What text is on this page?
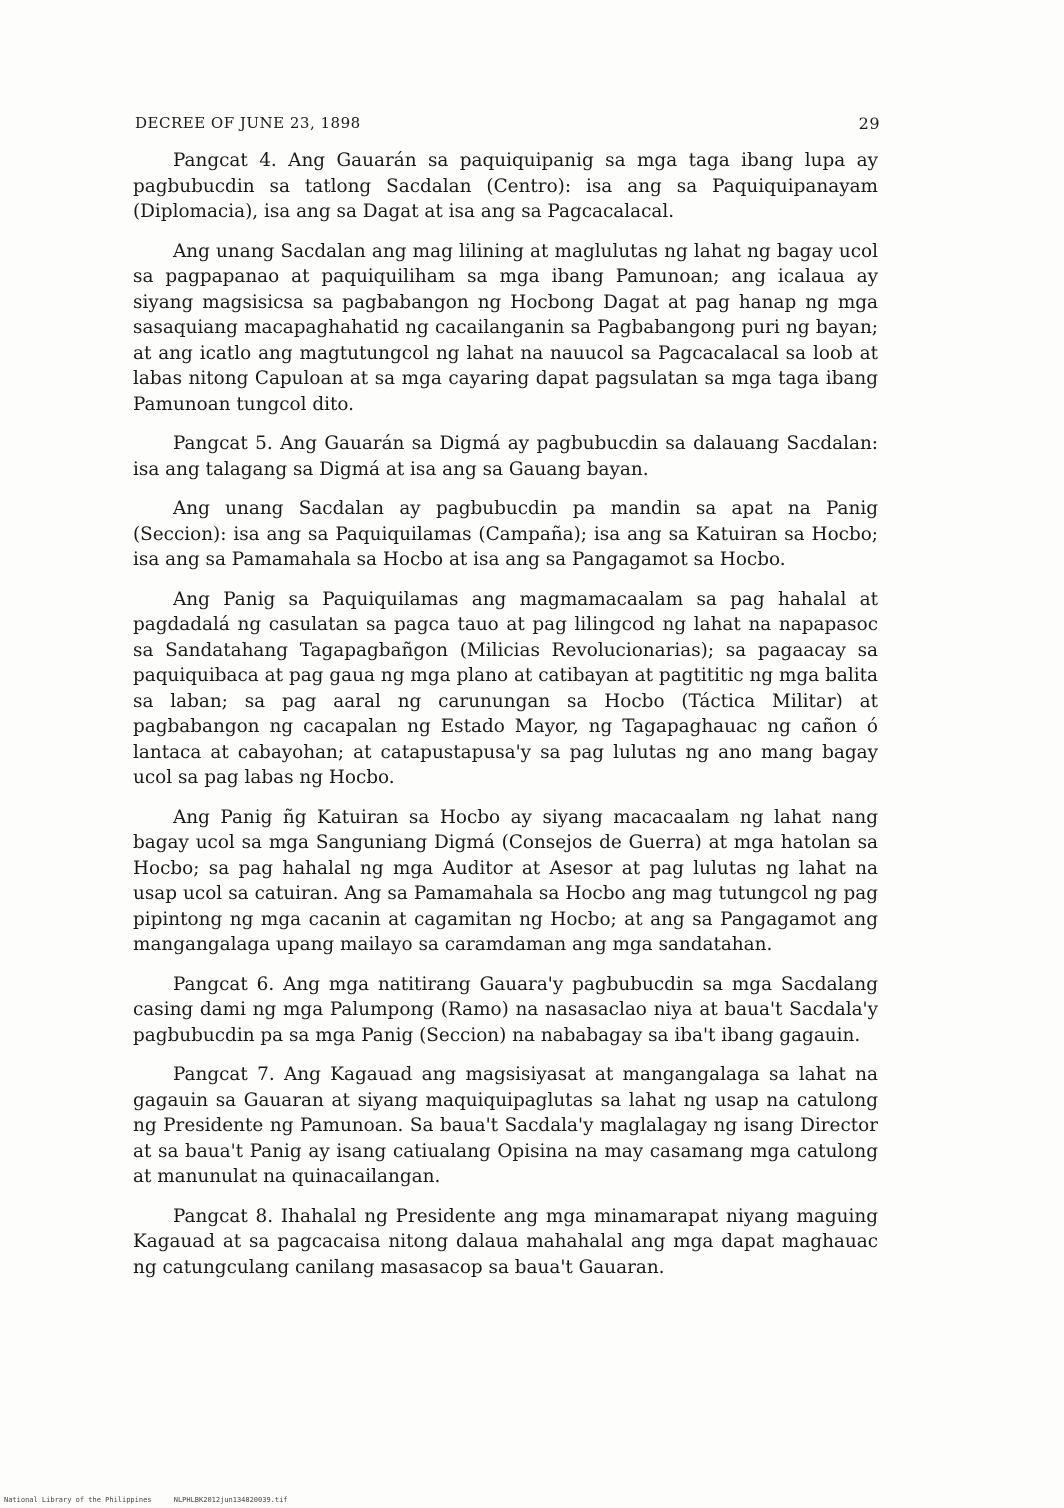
DECREE OF JUNE 23, 1898	29

Pangcat 4. Ang Gauarán sa paquiquipanig sa mga taga ibang lupa ay pagbubucdin sa tatlong Sacdalan (Centro): isa ang sa Paquiquipanayam (Diplomacia), isa ang sa Dagat at isa ang sa Pagcacalacal.

Ang unang Sacdalan ang mag lilining at maglulutas ng lahat ng bagay ucol sa pagpapanao at paquiquiliham sa mga ibang Pamunoan; ang icalaua ay siyang magsisicsa sa pagbabangon ng Hocbong Dagat at pag hanap ng mga sasaquiang macapaghahatid ng cacailanganin sa Pagbabangong puri ng bayan; at ang icatlo ang magtutungcol ng lahat na nauucol sa Pagcacalacal sa loob at labas nitong Capuloan at sa mga cayaring dapat pagsulatan sa mga taga ibang Pamunoan tungcol dito.

Pangcat 5. Ang Gauarán sa Digmá ay pagbubucdin sa dalauang Sacdalan: isa ang talagang sa Digmá at isa ang sa Gauang bayan.

Ang unang Sacdalan ay pagbubucdin pa mandin sa apat na Panig (Seccion): isa ang sa Paquiquilamas (Campaña); isa ang sa Katuiran sa Hocbo; isa ang sa Pamamahala sa Hocbo at isa ang sa Pangagamot sa Hocbo.

Ang Panig sa Paquiquilamas ang magmamacaalam sa pag hahalal at pagdadalá ng casulatan sa pagca tauo at pag lilingcod ng lahat na napapasoc sa Sandatahang Tagapagbañgon (Milicias Revolucionarias); sa pagaacay sa paquiquibaca at pag gaua ng mga plano at catibayan at pagtititic ng mga balita sa laban; sa pag aaral ng carunungan sa Hocbo (Táctica Militar) at pagbabangon ng cacapalan ng Estado Mayor, ng Tagapaghauac ng cañon ó lantaca at cabayohan; at catapustapusa'y sa pag lulutas ng ano mang bagay ucol sa pag labas ng Hocbo.

Ang Panig ñg Katuiran sa Hocbo ay siyang macacaalam ng lahat nang bagay ucol sa mga Sanguniang Digmá (Consejos de Guerra) at mga hatolan sa Hocbo; sa pag hahalal ng mga Auditor at Asesor at pag lulutas ng lahat na usap ucol sa catuiran. Ang sa Pamamahala sa Hocbo ang mag tutungcol ng pag pipintong ng mga cacanin at cagamitan ng Hocbo; at ang sa Pangagamot ang mangangalaga upang mailayo sa caramdaman ang mga sandatahan.

Pangcat 6. Ang mga natitirang Gauara'y pagbubucdin sa mga Sacdalang casing dami ng mga Palumpong (Ramo) na nasasaclao niya at baua't Sacdala'y pagbubucdin pa sa mga Panig (Seccion) na nababagay sa iba't ibang gagauin.

Pangcat 7. Ang Kagauad ang magsisiyasat at mangangalaga sa lahat na gagauin sa Gauaran at siyang maquiquipaglutas sa lahat ng usap na catulong ng Presidente ng Pamunoan. Sa baua't Sacdala'y maglalagay ng isang Director at sa baua't Panig ay isang catiualang Opisina na may casamang mga catulong at manunulat na quinacailangan.

Pangcat 8. Ihahalal ng Presidente ang mga minamarapat niyang maguing Kagauad at sa pagcacaisa nitong dalaua mahahalal ang mga dapat maghauac ng catungculang canilang masasacop sa baua't Gauaran.

National Library of the Philippines	NLPHLBK2012jun134820039.tif
